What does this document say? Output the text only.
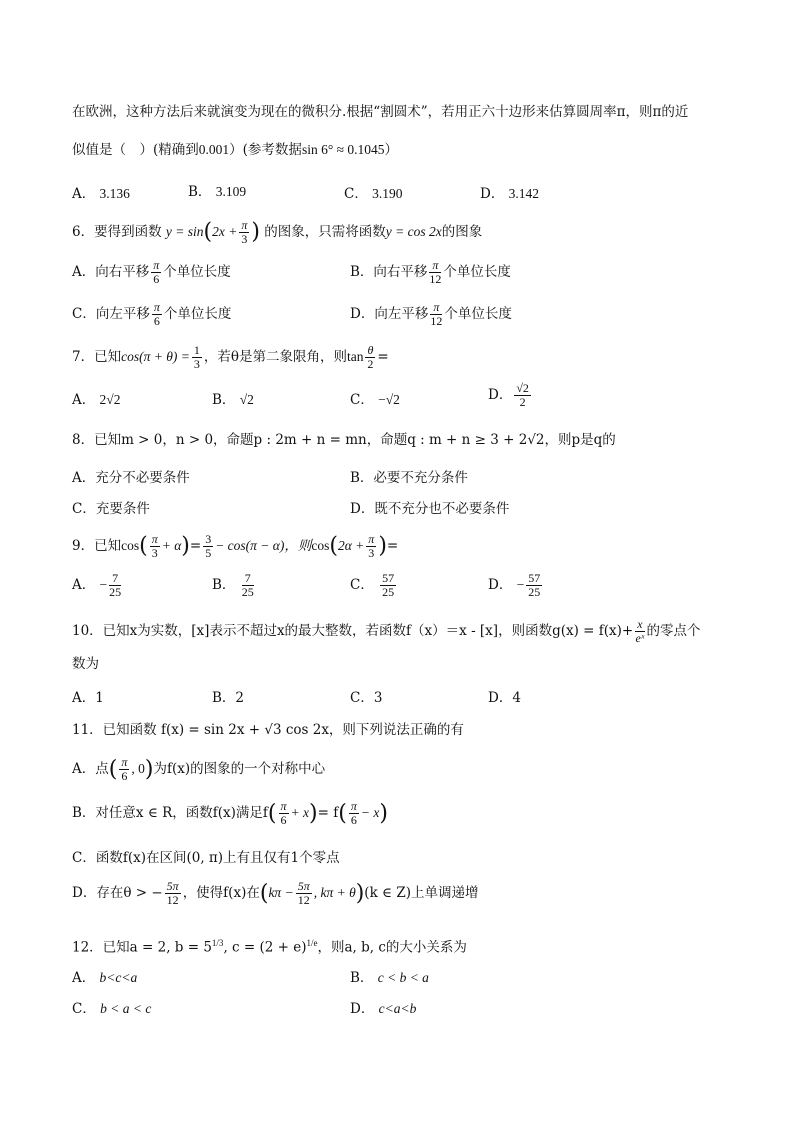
在欧洲，这种方法后来就演变为现在的微积分.根据“割圆术”，若用正六十边形来估算圆周率π，则π的近
似值是（　）(精确到0.001）(参考数据sin 6° ≈ 0.1045）
A． 3.136	B． 3.109	C． 3.190	D． 3.142
6．要得到函数 $y = \sin(2x + \frac{\pi}{3}$ ) 的图象，只需将函数y = cos 2x的图象
A．向右平移 $\frac{\pi}{6}$ 个单位长度	B．向右平移 $\frac{\pi}{12}$ 个单位长度
C．向左平移 $\frac{\pi}{6}$ 个单位长度	D．向左平移 $\frac{\pi}{12}$ 个单位长度
7．已知$\cos(\pi + \theta) = \frac{1}{3}$ ，若θ是第二象限角，则$\tan \frac{\theta}{2}$ =
A． 2√2	B． √2	C． −√2	D． $\frac{√2}{2}$
8．已知m > 0，n > 0，命题p : 2m + n = mn，命题q : m + n ≥ 3 + 2√2，则p是q的
A．充分不必要条件	B．必要不充分条件
C．充要条件	D．既不充分也不必要条件
9．已知$\cos( \frac{\pi}{3} + \alpha)= \frac{3}{5} - \cos(\pi - \alpha)$，则$\cos(2\alpha + \frac{\pi}{3}$ )=
A． − $\frac{7}{25}$	B． $\frac{7}{25}$	C． $\frac{57}{25}$	D． − $\frac{57}{25}$
10．已知x为实数，[x]表示不超过x的最大整数，若函数f（x）＝x - [x]，则函数$g(x) = f(x)+ \frac{x}{\text{eˣ}}$ 的零点个
数为
A．1	B．2	C．3	D．4
11．已知函数 f(x) = sin 2x + √3 cos 2x，则下列说法正确的有
A．点( $\frac{\pi}{6}$ , 0)为f(x)的图象的一个对称中心
B．对任意x ∈ R，函数f(x)满足$f( \frac{\pi}{6} + x)= f( \frac{\pi}{6} - x)$
C．函数f(x)在区间(0, π)上有且仅有1个零点
D．存在θ > − $\frac{5\pi}{12}$ ，使得f(x)在($k\pi - \frac{5\pi}{12}$ , kπ + θ)(k ∈ Z)上单调递增
12．已知a = 2, $b = 5^{1/3}$, $c = (2 + e)^{1/e}$，则a, b, c的大小关系为
A． b<c<a	B． c < b < a
C． b < a < c	D． c<a<b
